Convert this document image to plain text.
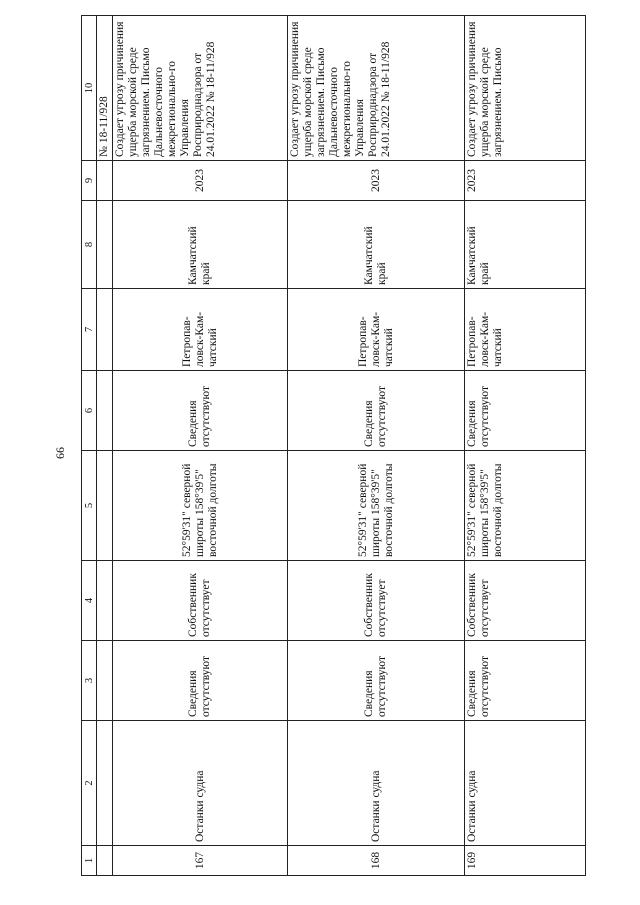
66
1	2	3	4	5	6	7	8	9	10
									№ 18-11/928
167	Останки судна	Сведения отсутствуют	Собственник отсутствует	52°59'31" северной широты 158°39'5" восточной долготы	Сведения отсутствуют	Петропав-ловск-Кам-чатский	Камчатский край	2023	Создает угрозу причинения ущерба морской среде загрязнением. Письмо Дальневосточного межрегионально-го Управления Росприроднадзора от 24.01.2022 № 18-11/928
168	Останки судна	Сведения отсутствуют	Собственник отсутствует	52°59'31" северной широты 158°39'5" восточной долготы	Сведения отсутствуют	Петропав-ловск-Кам-чатский	Камчатский край	2023	Создает угрозу причинения ущерба морской среде загрязнением. Письмо Дальневосточного межрегионально-го Управления Росприроднадзора от 24.01.2022 № 18-11/928
169	Останки судна	Сведения отсутствуют	Собственник отсутствует	52°59'31" северной широты 158°39'5" восточной долготы	Сведения отсутствуют	Петропав-ловск-Кам-чатский	Камчатский край	2023	Создает угрозу причинения ущерба морской среде загрязнением. Письмо
